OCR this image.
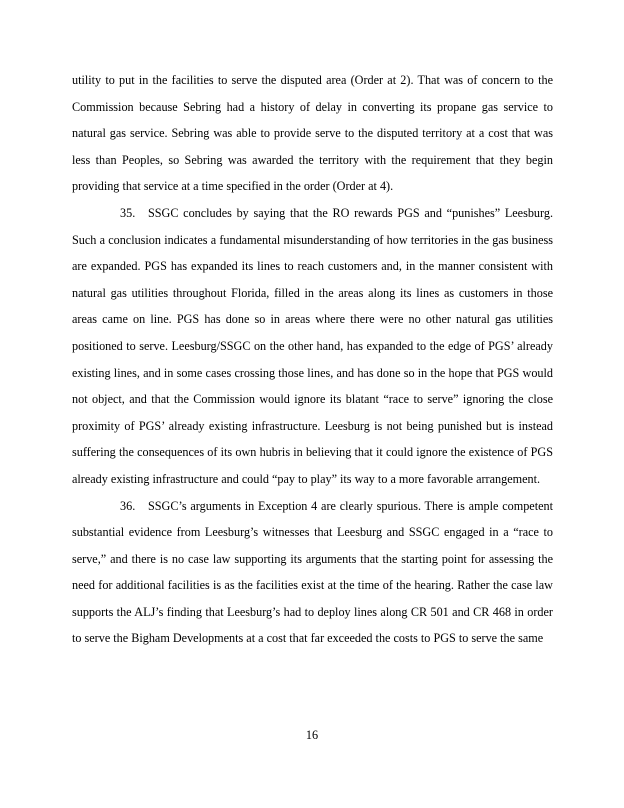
utility to put in the facilities to serve the disputed area (Order at 2). That was of concern to the Commission because Sebring had a history of delay in converting its propane gas service to natural gas service. Sebring was able to provide serve to the disputed territory at a cost that was less than Peoples, so Sebring was awarded the territory with the requirement that they begin providing that service at a time specified in the order (Order at 4).

35. SSGC concludes by saying that the RO rewards PGS and “punishes” Leesburg. Such a conclusion indicates a fundamental misunderstanding of how territories in the gas business are expanded. PGS has expanded its lines to reach customers and, in the manner consistent with natural gas utilities throughout Florida, filled in the areas along its lines as customers in those areas came on line. PGS has done so in areas where there were no other natural gas utilities positioned to serve. Leesburg/SSGC on the other hand, has expanded to the edge of PGS’ already existing lines, and in some cases crossing those lines, and has done so in the hope that PGS would not object, and that the Commission would ignore its blatant “race to serve” ignoring the close proximity of PGS’ already existing infrastructure. Leesburg is not being punished but is instead suffering the consequences of its own hubris in believing that it could ignore the existence of PGS already existing infrastructure and could “pay to play” its way to a more favorable arrangement.

36. SSGC’s arguments in Exception 4 are clearly spurious. There is ample competent substantial evidence from Leesburg’s witnesses that Leesburg and SSGC engaged in a “race to serve,” and there is no case law supporting its arguments that the starting point for assessing the need for additional facilities is as the facilities exist at the time of the hearing. Rather the case law supports the ALJ’s finding that Leesburg’s had to deploy lines along CR 501 and CR 468 in order to serve the Bigham Developments at a cost that far exceeded the costs to PGS to serve the same

16
